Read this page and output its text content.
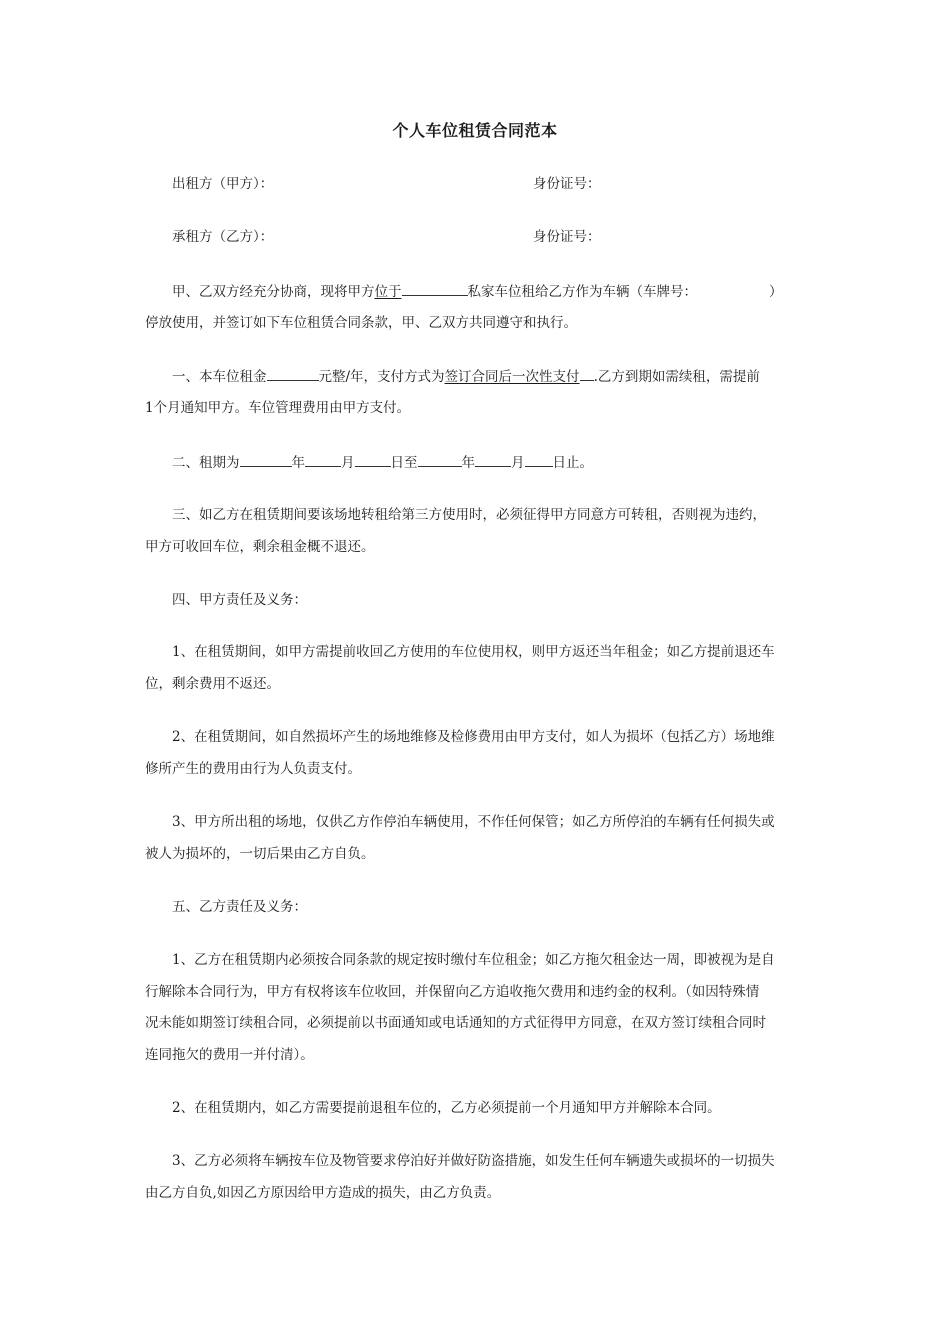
个人车位租赁合同范本
出租方（甲方）：	身份证号：
承租方（乙方）：	身份证号：
甲、乙双方经充分协商，现将甲方位于	私家车位租给乙方作为车辆（车牌号：	）
停放使用，并签订如下车位租赁合同条款，甲、乙双方共同遵守和执行。
一、本车位租金	元整/年，支付方式为签订合同后一次性支付 .乙方到期如需续租，需提前
1个月通知甲方。车位管理费用由甲方支付。
二、租期为	年	月	日至	年	月 日止。
三、如乙方在租赁期间要该场地转租给第三方使用时，必须征得甲方同意方可转租，否则视为违约，
甲方可收回车位，剩余租金概不退还。
四、甲方责任及义务：
1、在租赁期间，如甲方需提前收回乙方使用的车位使用权，则甲方返还当年租金；如乙方提前退还车
位，剩余费用不返还。
2、在租赁期间，如自然损坏产生的场地维修及检修费用由甲方支付，如人为损坏（包括乙方）场地维
修所产生的费用由行为人负责支付。
3、甲方所出租的场地，仅供乙方作停泊车辆使用，不作任何保管；如乙方所停泊的车辆有任何损失或
被人为损坏的，一切后果由乙方自负。
五、乙方责任及义务：
1、乙方在租赁期内必须按合同条款的规定按时缴付车位租金；如乙方拖欠租金达一周，即被视为是自
行解除本合同行为，甲方有权将该车位收回，并保留向乙方追收拖欠费用和违约金的权利。（如因特殊情
况未能如期签订续租合同，必须提前以书面通知或电话通知的方式征得甲方同意，在双方签订续租合同时
连同拖欠的费用一并付清）。
2、在租赁期内，如乙方需要提前退租车位的，乙方必须提前一个月通知甲方并解除本合同。
3、乙方必须将车辆按车位及物管要求停泊好并做好防盗措施，如发生任何车辆遗失或损坏的一切损失
由乙方自负,如因乙方原因给甲方造成的损失，由乙方负责。
